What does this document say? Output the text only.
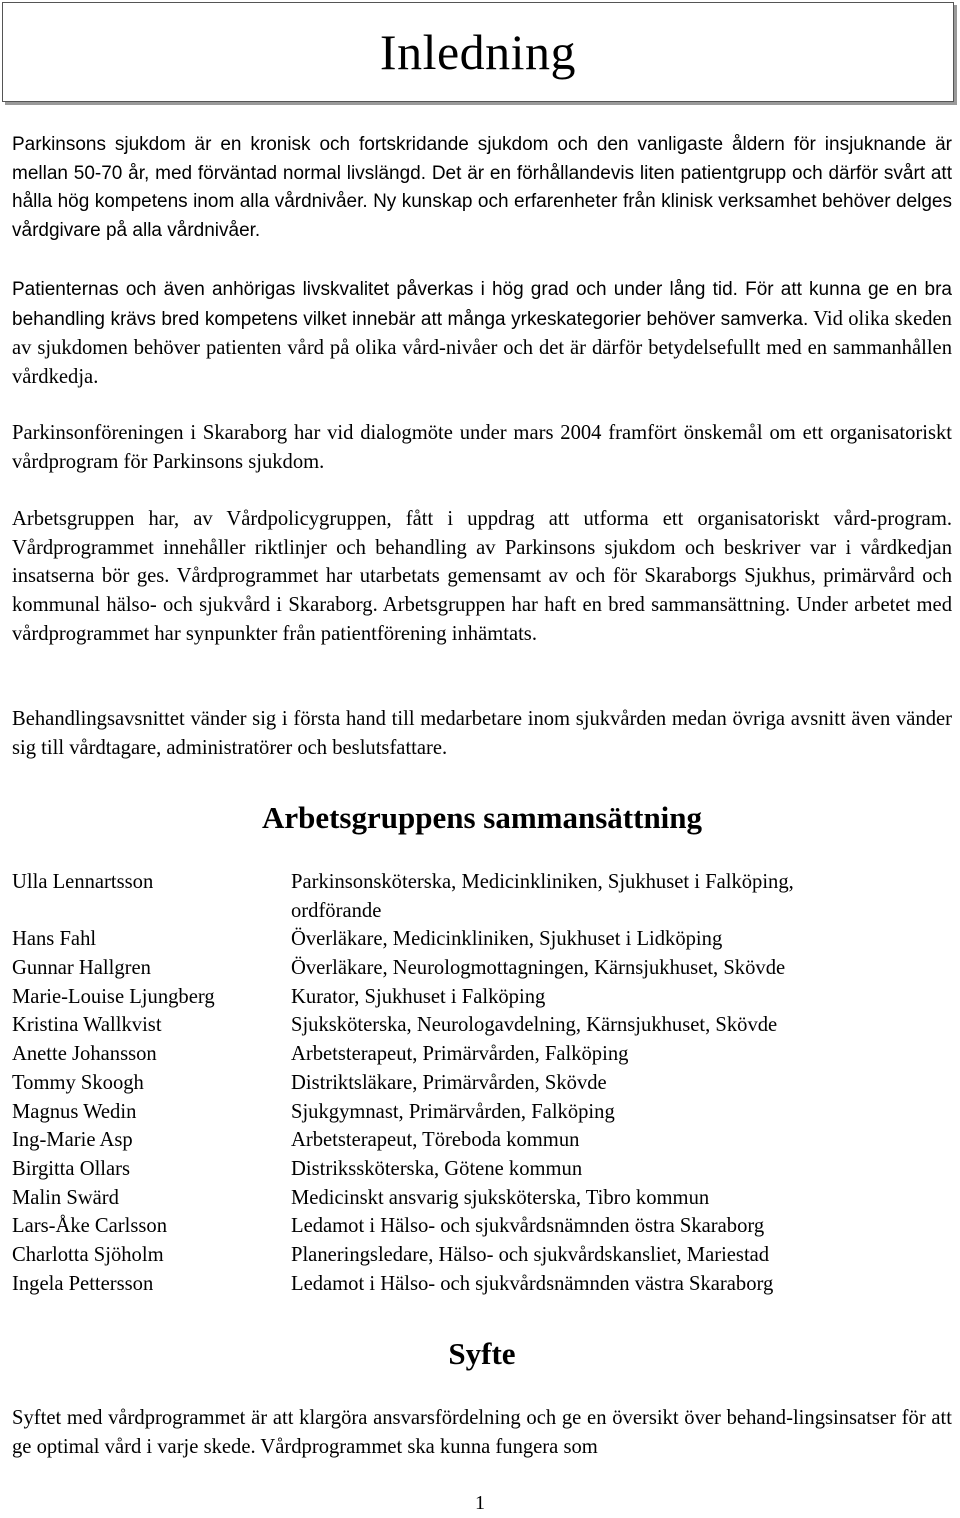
Inledning

Parkinsons sjukdom är en kronisk och fortskridande sjukdom och den vanligaste åldern för insjuknande är mellan 50-70 år, med förväntad normal livslängd. Det är en förhållandevis liten patientgrupp och därför svårt att hålla hög kompetens inom alla vårdnivåer. Ny kunskap och erfarenheter från klinisk verksamhet behöver delges vårdgivare på alla vårdnivåer.

Patienternas och även anhörigas livskvalitet påverkas i hög grad och under lång tid. För att kunna ge en bra behandling krävs bred kompetens vilket innebär att många yrkeskategorier behöver samverka. Vid olika skeden av sjukdomen behöver patienten vård på olika vård-nivåer och det är därför betydelsefullt med en sammanhållen vårdkedja.

Parkinsonföreningen i Skaraborg har vid dialogmöte under mars 2004 framfört önskemål om ett organisatoriskt vårdprogram för Parkinsons sjukdom.

Arbetsgruppen har, av Vårdpolicygruppen, fått i uppdrag att utforma ett organisatoriskt vård-program. Vårdprogrammet innehåller riktlinjer och behandling av Parkinsons sjukdom och beskriver var i vårdkedjan insatserna bör ges. Vårdprogrammet har utarbetats gemensamt av och för Skaraborgs Sjukhus, primärvård och kommunal hälso- och sjukvård i Skaraborg. Arbetsgruppen har haft en bred sammansättning. Under arbetet med vårdprogrammet har synpunkter från patientförening inhämtats.

Behandlingsavsnittet vänder sig i första hand till medarbetare inom sjukvården medan övriga avsnitt även vänder sig till vårdtagare, administratörer och beslutsfattare.

Arbetsgruppens sammansättning
Ulla Lennartsson	Parkinsonsköterska, Medicinkliniken, Sjukhuset i Falköping,
ordförande
Hans Fahl	Överläkare, Medicinkliniken, Sjukhuset i Lidköping
Gunnar Hallgren	Överläkare, Neurologmottagningen, Kärnsjukhuset, Skövde
Marie-Louise Ljungberg	Kurator, Sjukhuset i Falköping
Kristina Wallkvist	Sjuksköterska, Neurologavdelning, Kärnsjukhuset, Skövde
Anette Johansson	Arbetsterapeut, Primärvården, Falköping
Tommy Skoogh	Distriktsläkare, Primärvården, Skövde
Magnus Wedin	Sjukgymnast, Primärvården, Falköping
Ing-Marie Asp	Arbetsterapeut, Töreboda kommun
Birgitta Ollars	Distrikssköterska, Götene kommun
Malin Swärd	Medicinskt ansvarig sjuksköterska, Tibro kommun
Lars-Åke Carlsson	Ledamot i Hälso- och sjukvårdsnämnden östra Skaraborg
Charlotta Sjöholm	Planeringsledare, Hälso- och sjukvårdskansliet, Mariestad
Ingela Pettersson	Ledamot i Hälso- och sjukvårdsnämnden västra Skaraborg
Syfte

Syftet med vårdprogrammet är att klargöra ansvarsfördelning och ge en översikt över behand-lingsinsatser för att ge optimal vård i varje skede. Vårdprogrammet ska kunna fungera som

1
